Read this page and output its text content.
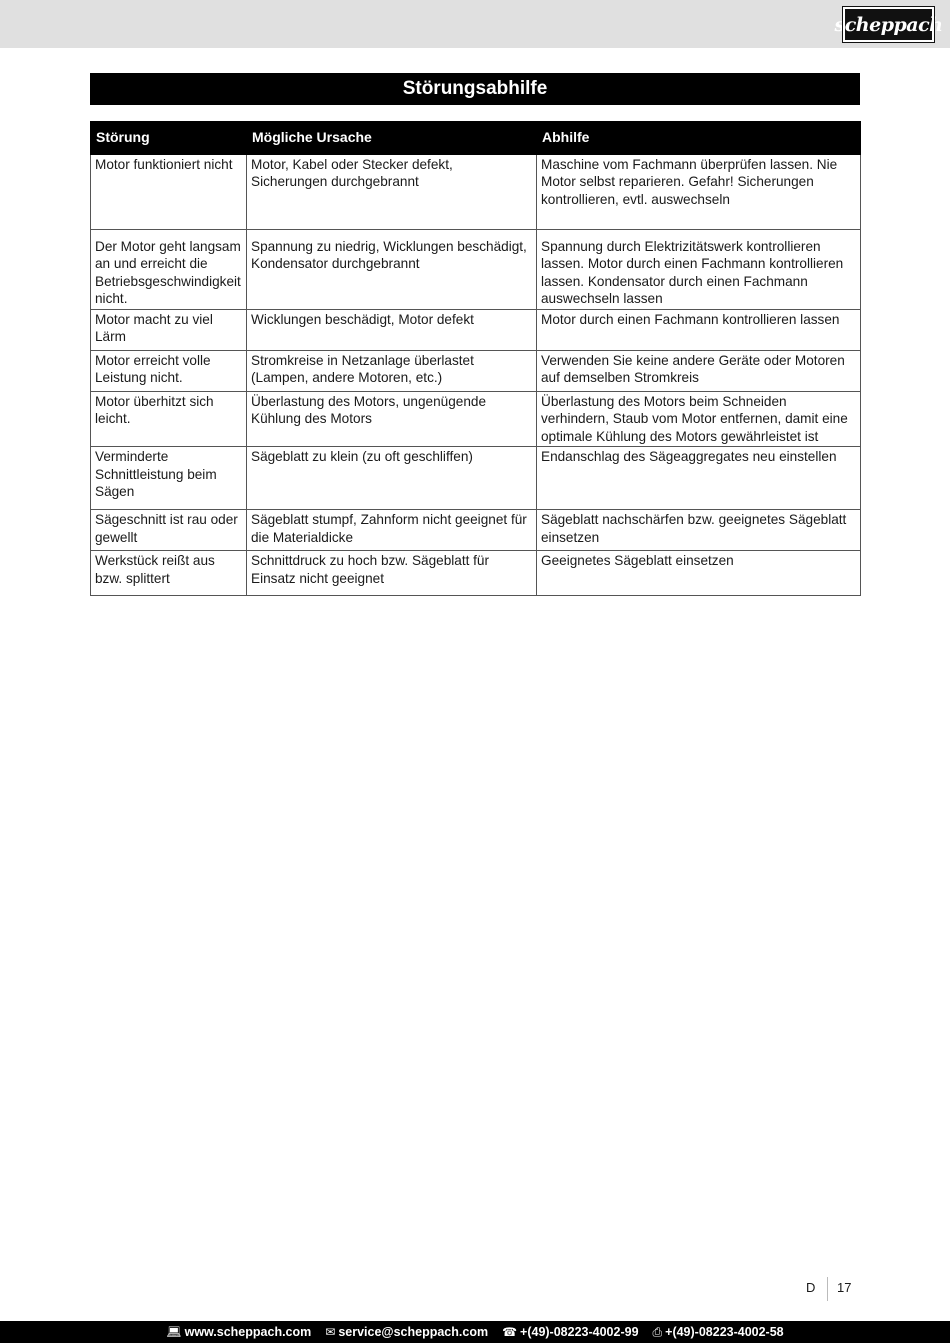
scheppach
Störungsabhilfe
Störung	Mögliche Ursache	Abhilfe
Motor funktioniert nicht	Motor, Kabel oder Stecker defekt, Sicherungen durchgebrannt	Maschine vom Fachmann überprüfen lassen. Nie Motor selbst reparieren. Gefahr! Sicherungen kontrollieren, evtl. auswechseln
Der Motor geht langsam an und erreicht die Betriebsgeschwindigkeit nicht.	Spannung zu niedrig, Wicklungen beschädigt, Kondensator durchgebrannt	Spannung durch Elektrizitätswerk kontrollieren lassen. Motor durch einen Fachmann kontrollieren lassen. Kondensator durch einen Fachmann auswechseln lassen
Motor macht zu viel Lärm	Wicklungen beschädigt, Motor defekt	Motor durch einen Fachmann kontrollieren lassen
Motor erreicht volle Leistung nicht.	Stromkreise in Netzanlage überlastet (Lampen, andere Motoren, etc.)	Verwenden Sie keine andere Geräte oder Motoren auf demselben Stromkreis
Motor überhitzt sich leicht.	Überlastung des Motors, ungenügende Kühlung des Motors	Überlastung des Motors beim Schneiden verhindern, Staub vom Motor entfernen, damit eine optimale Kühlung des Motors gewährleistet ist
Verminderte Schnittleistung beim Sägen	Sägeblatt zu klein (zu oft geschliffen)	Endanschlag des Sägeaggregates neu einstellen
Sägeschnitt ist rau oder gewellt	Sägeblatt stumpf, Zahnform nicht geeignet für die Materialdicke	Sägeblatt nachschärfen bzw. geeignetes Sägeblatt einsetzen
Werkstück reißt aus bzw. splittert	Schnittdruck zu hoch bzw. Sägeblatt für Einsatz nicht geeignet	Geeignetes Sägeblatt einsetzen
D 17
💻︎ www.scheppach.com ✉︎ service@scheppach.com ☎︎ +(49)-08223-4002-99 ⎙ +(49)-08223-4002-58
